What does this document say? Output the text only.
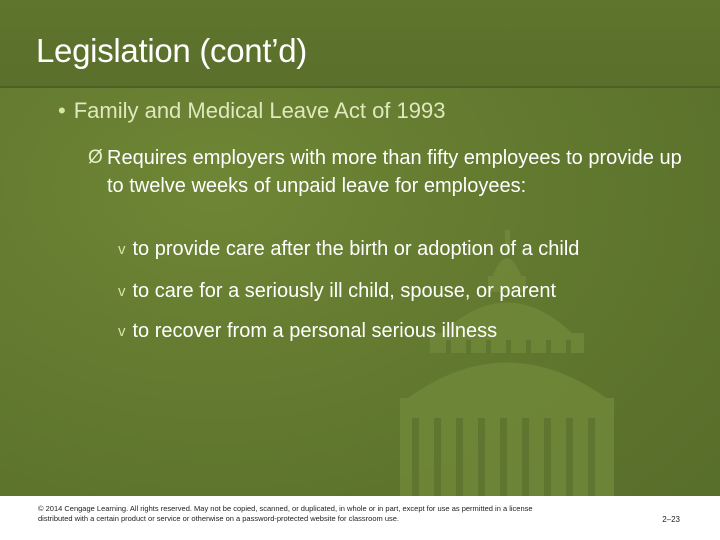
Legislation (cont’d)
• Family and Medical Leave Act of 1993
Ø Requires employers with more than fifty employees to provide up to twelve weeks of unpaid leave for employees:
v to provide care after the birth or adoption of a child
v to care for a seriously ill child, spouse, or parent
v to recover from a personal serious illness
© 2014 Cengage Learning. All rights reserved. May not be copied, scanned, or duplicated, in whole or in part, except for use as permitted in a license distributed with a certain product or service or otherwise on a password-protected website for classroom use.	2–23
